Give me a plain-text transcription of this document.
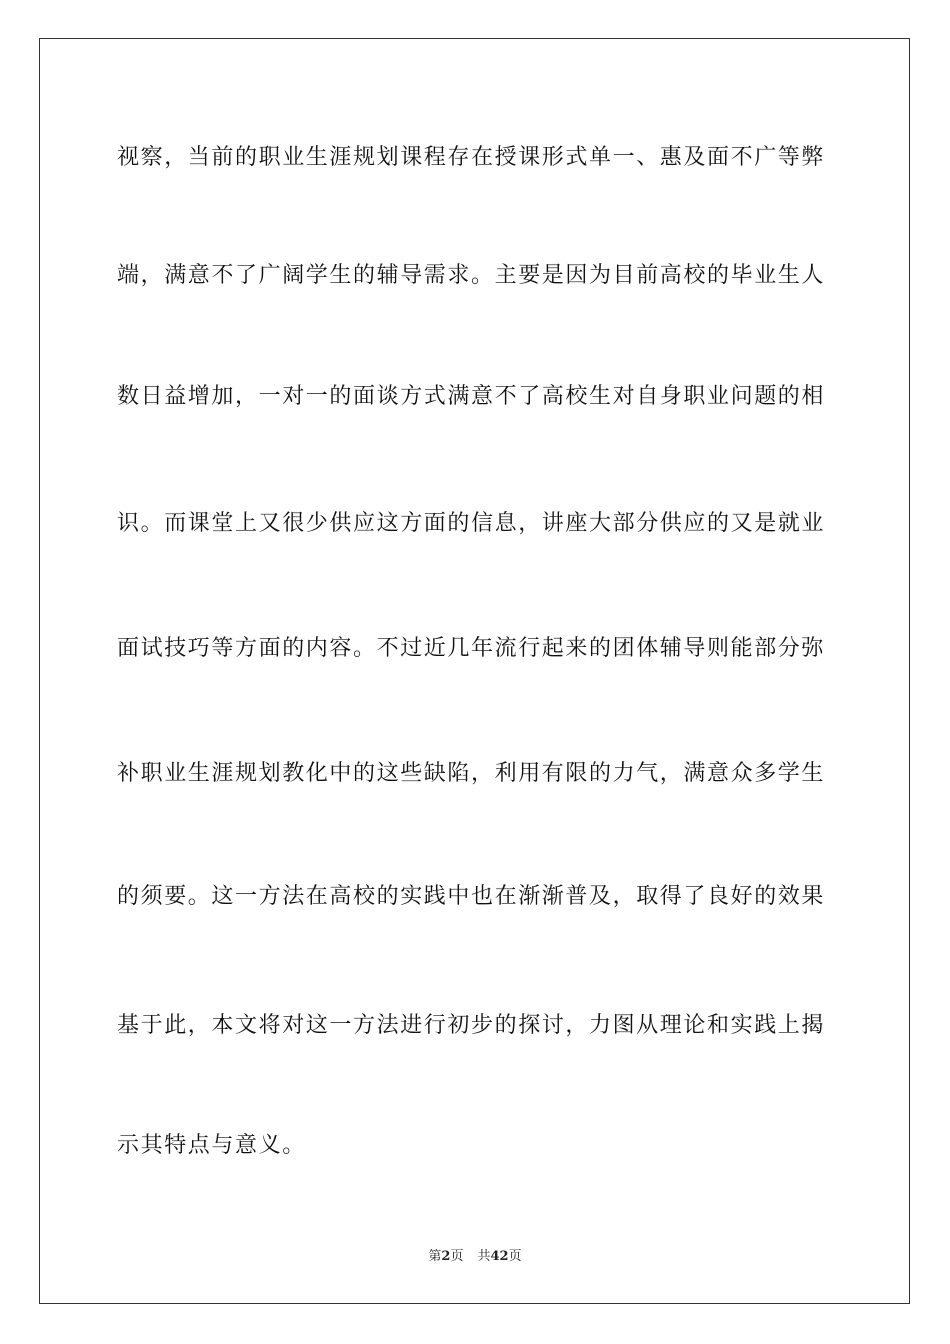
视察，当前的职业生涯规划课程存在授课形式单一、惠及面不广等弊
端，满意不了广阔学生的辅导需求。主要是因为目前高校的毕业生人
数日益增加，一对一的面谈方式满意不了高校生对自身职业问题的相
识。而课堂上又很少供应这方面的信息，讲座大部分供应的又是就业
面试技巧等方面的内容。不过近几年流行起来的团体辅导则能部分弥
补职业生涯规划教化中的这些缺陷，利用有限的力气，满意众多学生
的须要。这一方法在高校的实践中也在渐渐普及，取得了良好的效果
基于此，本文将对这一方法进行初步的探讨，力图从理论和实践上揭
示其特点与意义。
第2页 共42页
